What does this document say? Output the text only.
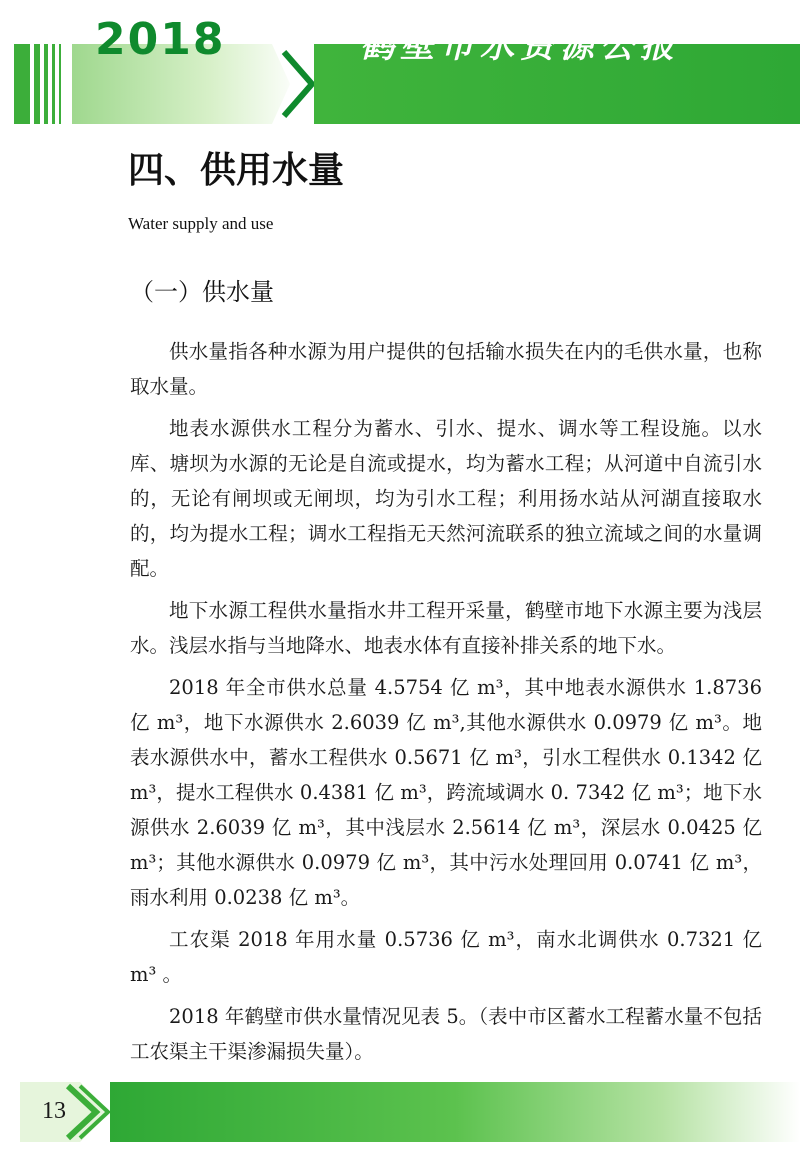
2018	鹤壁市水资源公报
四、供用水量
Water supply and use
（一）供水量

供水量指各种水源为用户提供的包括输水损失在内的毛供水量，也称取水量。

地表水源供水工程分为蓄水、引水、提水、调水等工程设施。以水库、塘坝为水源的无论是自流或提水，均为蓄水工程；从河道中自流引水的，无论有闸坝或无闸坝，均为引水工程；利用扬水站从河湖直接取水的，均为提水工程；调水工程指无天然河流联系的独立流域之间的水量调配。

地下水源工程供水量指水井工程开采量，鹤壁市地下水源主要为浅层水。浅层水指与当地降水、地表水体有直接补排关系的地下水。

2018 年全市供水总量 4.5754 亿 m³，其中地表水源供水 1.8736 亿 m³，地下水源供水 2.6039 亿 m³,其他水源供水 0.0979 亿 m³。地表水源供水中，蓄水工程供水 0.5671 亿 m³，引水工程供水 0.1342 亿 m³，提水工程供水 0.4381 亿 m³，跨流域调水 0. 7342 亿 m³；地下水源供水 2.6039 亿 m³，其中浅层水 2.5614 亿 m³，深层水 0.0425 亿 m³；其他水源供水 0.0979 亿 m³，其中污水处理回用 0.0741 亿 m³，雨水利用 0.0238 亿 m³。

工农渠 2018 年用水量 0.5736 亿 m³，南水北调供水 0.7321 亿 m³ 。

2018 年鹤壁市供水量情况见表 5。（表中市区蓄水工程蓄水量不包括工农渠主干渠渗漏损失量）。

13
